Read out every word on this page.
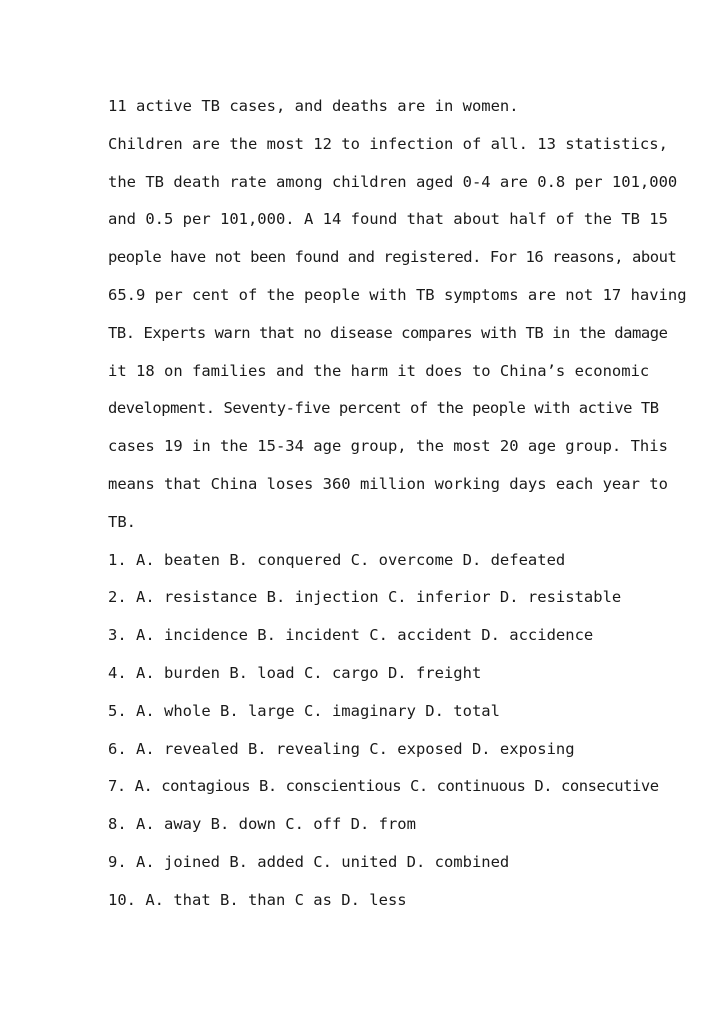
11 active TB cases, and deaths are in women.
Children are the most 12 to infection of all. 13 statistics,
the TB death rate among children aged 0-4 are 0.8 per 101,000
and 0.5 per 101,000. A 14 found that about half of the TB 15
people have not been found and registered. For 16 reasons, about
65.9 per cent of the people with TB symptoms are not 17 having
TB. Experts warn that no disease compares with TB in the damage
it 18 on families and the harm it does to China’s economic
development. Seventy-five percent of the people with active TB
cases 19 in the 15-34 age group, the most 20 age group. This
means that China loses 360 million working days each year to
TB.
1. A. beaten B. conquered C. overcome D. defeated
2. A. resistance B. injection C. inferior D. resistable
3. A. incidence B. incident C. accident D. accidence
4. A. burden B. load C. cargo D. freight
5. A. whole B. large C. imaginary D. total
6. A. revealed B. revealing C. exposed D. exposing
7. A. contagious B. conscientious C. continuous D. consecutive
8. A. away B. down C. off D. from
9. A. joined B. added C. united D. combined
10. A. that B. than C as D. less
